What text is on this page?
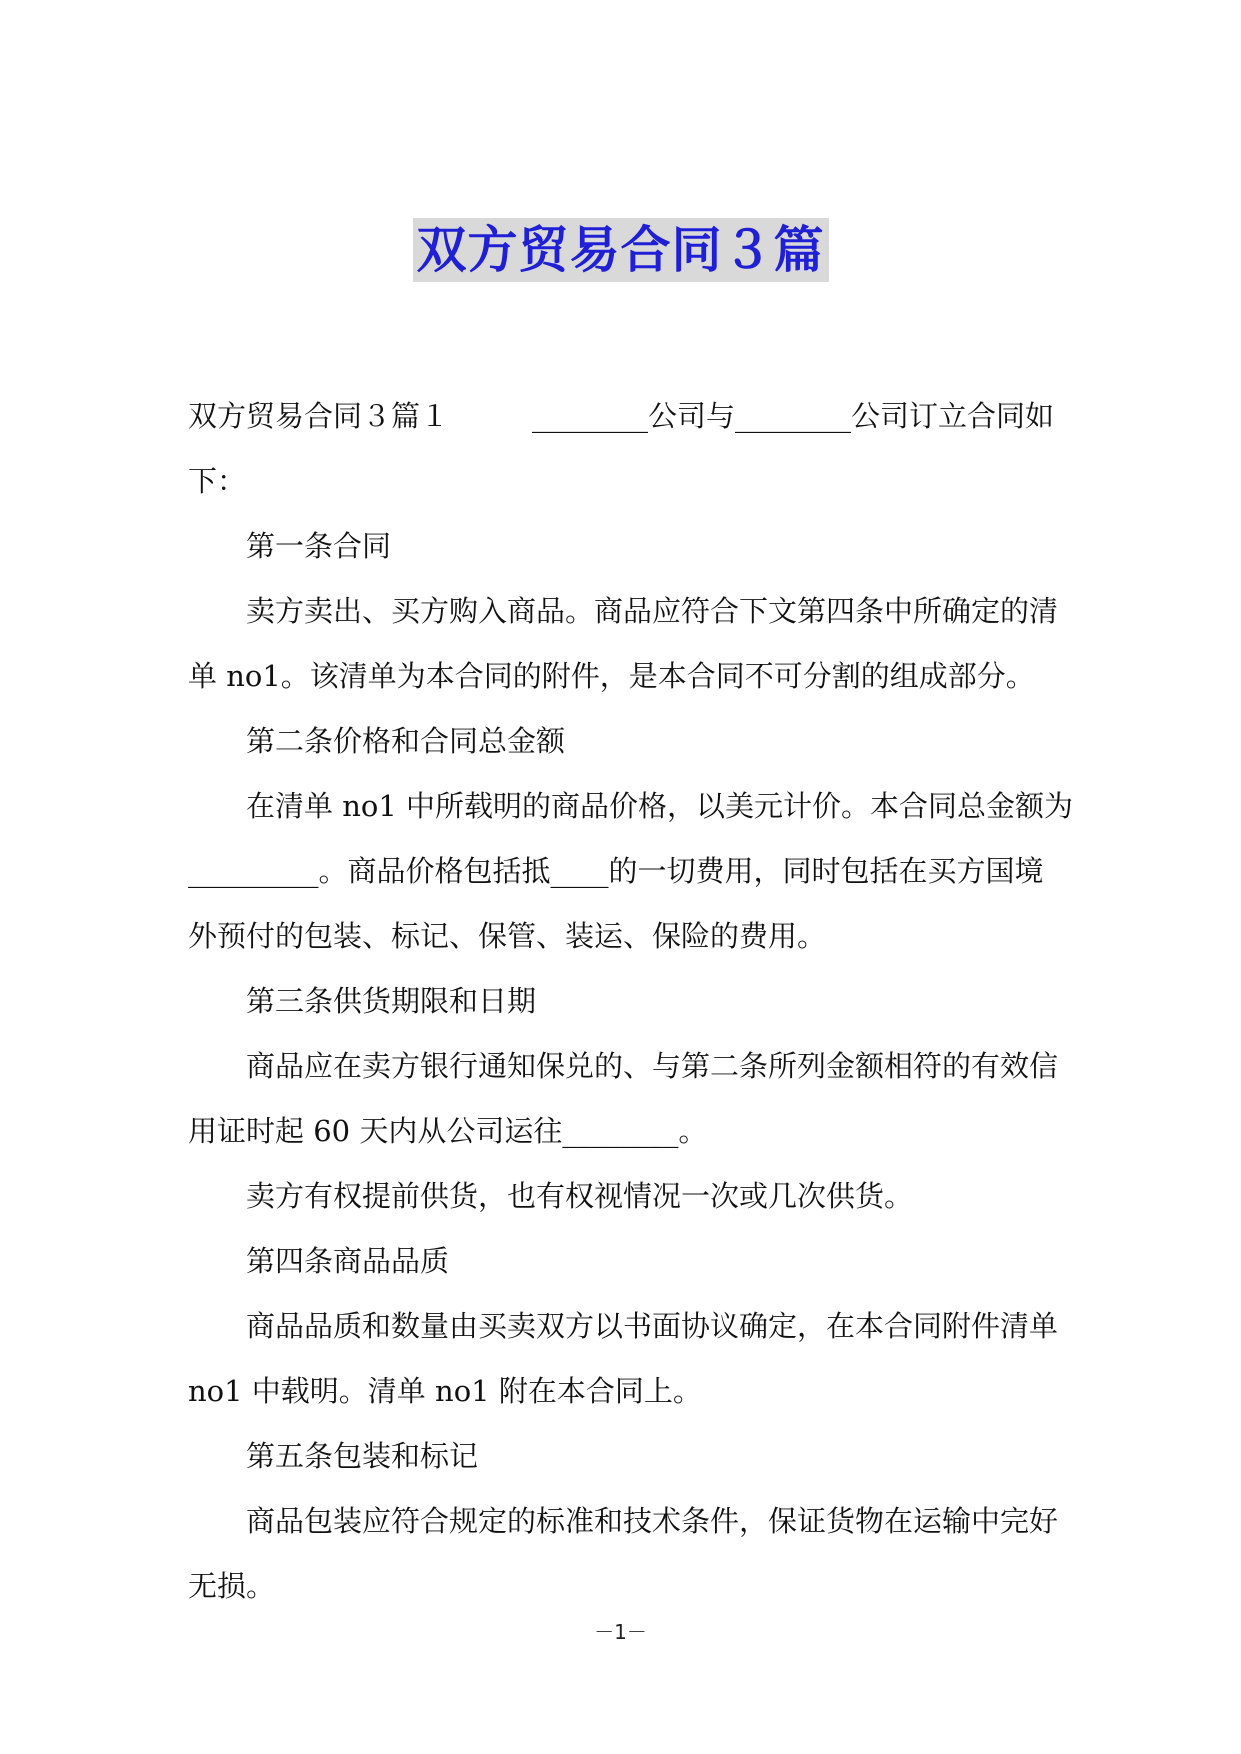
双方贸易合同３篇
双方贸易合同３篇１	________公司与________公司订立合同如
下：
第一条合同
卖方卖出、买方购入商品。商品应符合下文第四条中所确定的清
单 no1。该清单为本合同的附件，是本合同不可分割的组成部分。
第二条价格和合同总金额
在清单 no1 中所载明的商品价格，以美元计价。本合同总金额为
_________。商品价格包括抵____的一切费用，同时包括在买方国境
外预付的包装、标记、保管、装运、保险的费用。
第三条供货期限和日期
商品应在卖方银行通知保兑的、与第二条所列金额相符的有效信
用证时起 60 天内从公司运往________。
卖方有权提前供货，也有权视情况一次或几次供货。
第四条商品品质
商品品质和数量由买卖双方以书面协议确定，在本合同附件清单
no1 中载明。清单 no1 附在本合同上。
第五条包装和标记
商品包装应符合规定的标准和技术条件，保证货物在运输中完好
无损。
－1－
